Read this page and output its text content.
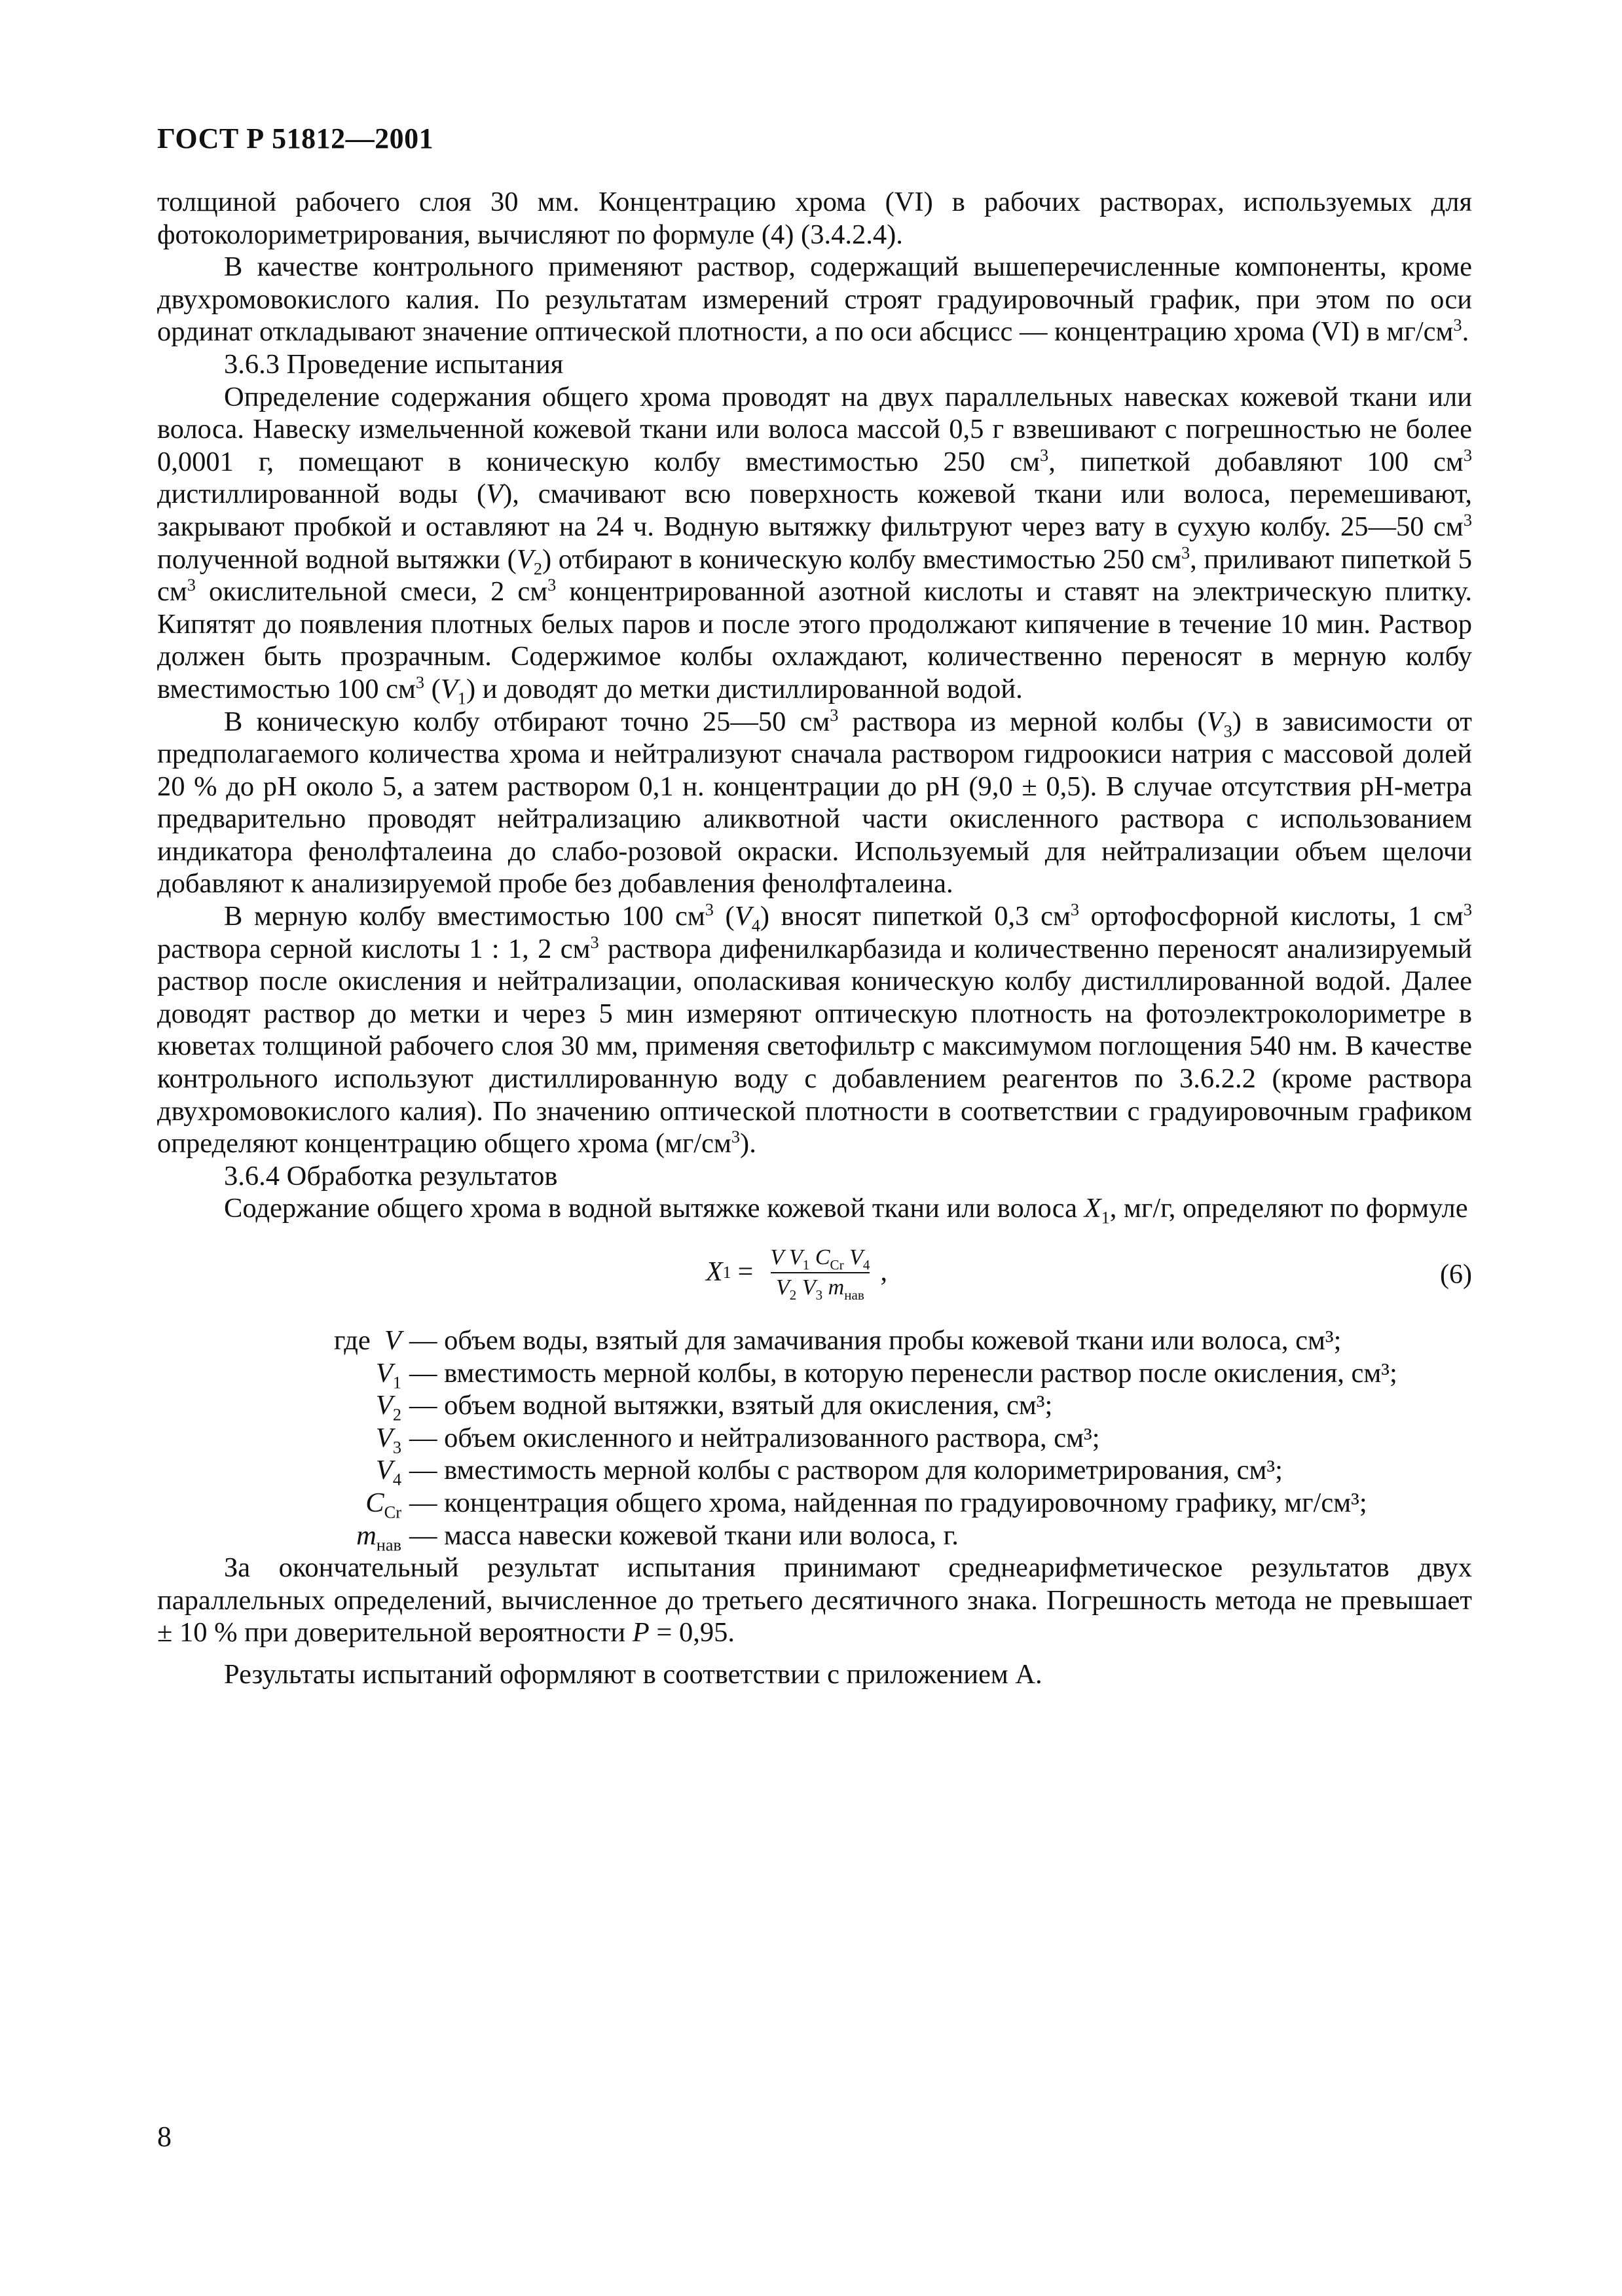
ГОСТ Р 51812—2001

толщиной рабочего слоя 30 мм. Концентрацию хрома (VI) в рабочих растворах, используемых для фотоколориметрирования, вычисляют по формуле (4) (3.4.2.4).

В качестве контрольного применяют раствор, содержащий вышеперечисленные компоненты, кроме двухромовокислого калия. По результатам измерений строят градуировочный график, при этом по оси ординат откладывают значение оптической плотности, а по оси абсцисс — концентрацию хрома (VI) в $мг/см^3$.

3.6.3 Проведение испытания

Определение содержания общего хрома проводят на двух параллельных навесках кожевой ткани или волоса. Навеску измельченной кожевой ткани или волоса массой 0,5 г взвешивают с погрешностью не более 0,0001 г, помещают в коническую колбу вместимостью 250 $см^3$, пипеткой добавляют 100 $см^3$ дистиллированной воды (V), смачивают всю поверхность кожевой ткани или волоса, перемешивают, закрывают пробкой и оставляют на 24 ч. Водную вытяжку фильтруют через вату в сухую колбу. 25—50 $см^3$ полученной водной вытяжки $(V_2)$ отбирают в коническую колбу вместимостью 250 $см^3$, приливают пипеткой 5 $см^3$ окислительной смеси, 2 $см^3$ концентрированной азотной кислоты и ставят на электрическую плитку. Кипятят до появления плотных белых паров и после этого продолжают кипячение в течение 10 мин. Раствор должен быть прозрачным. Содержимое колбы охлаждают, количественно переносят в мерную колбу вместимостью 100 $см^3$ $(V_1)$ и доводят до метки дистиллированной водой.

В коническую колбу отбирают точно 25—50 $см^3$ раствора из мерной колбы $(V_3)$ в зависимости от предполагаемого количества хрома и нейтрализуют сначала раствором гидроокиси натрия с массовой долей 20 % до pH около 5, а затем раствором 0,1 н. концентрации до pH (9,0 ± 0,5). В случае отсутствия pH-метра предварительно проводят нейтрализацию аликвотной части окисленного раствора с использованием индикатора фенолфталеина до слабо-розовой окраски. Используемый для нейтрализации объем щелочи добавляют к анализируемой пробе без добавления фенолфталеина.

В мерную колбу вместимостью 100 $см^3$ $(V_4)$ вносят пипеткой 0,3 $см^3$ ортофосфорной кислоты, 1 $см^3$ раствора серной кислоты 1 : 1, 2 $см^3$ раствора дифенилкарбазида и количественно переносят анализируемый раствор после окисления и нейтрализации, ополаскивая коническую колбу дистиллированной водой. Далее доводят раствор до метки и через 5 мин измеряют оптическую плотность на фотоэлектроколориметре в кюветах толщиной рабочего слоя 30 мм, применяя светофильтр с максимумом поглощения 540 нм. В качестве контрольного используют дистиллированную воду с добавлением реагентов по 3.6.2.2 (кроме раствора двухромовокислого калия). По значению оптической плотности в соответствии с градуировочным графиком определяют концентрацию общего хрома $(мг/см^3)$.

3.6.4 Обработка результатов

Содержание общего хрома в водной вытяжке кожевой ткани или волоса $X_1$, мг/г, определяют по формуле

X $1 = \frac{V V_1 C_{Cr} V_4}{V_2 V_3 m_{нав}}$ ,	(6)
где V — объем воды, взятый для замачивания пробы кожевой ткани или волоса, см³;
$V_1$ — вместимость мерной колбы, в которую перенесли раствор после окисления, см³;
$V_2$ — объем водной вытяжки, взятый для окисления, см³;
$V_3$ — объем окисленного и нейтрализованного раствора, см³;
$V_4$ — вместимость мерной колбы с раствором для колориметрирования, см³;
$C_{Cr}$ — концентрация общего хрома, найденная по градуировочному графику, мг/см³;
$m_{нав}$ — масса навески кожевой ткани или волоса, г.

За окончательный результат испытания принимают среднеарифметическое результатов двух параллельных определений, вычисленное до третьего десятичного знака. Погрешность метода не превышает ± 10 % при доверительной вероятности P = 0,95.

Результаты испытаний оформляют в соответствии с приложением А.

8
